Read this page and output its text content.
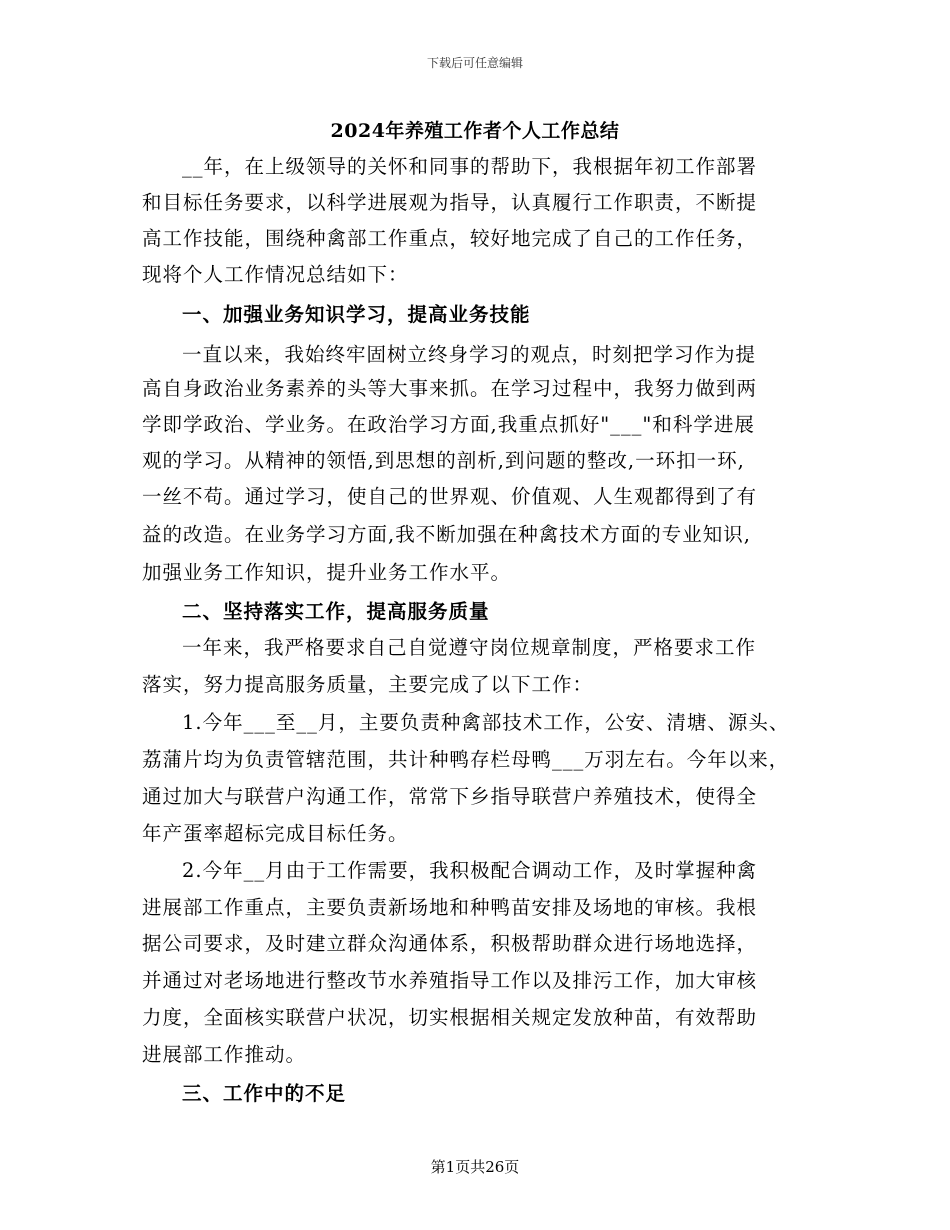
下载后可任意编辑
2024年养殖工作者个人工作总结
__年，在上级领导的关怀和同事的帮助下，我根据年初工作部署
和目标任务要求，以科学进展观为指导，认真履行工作职责，不断提
高工作技能，围绕种禽部工作重点，较好地完成了自己的工作任务，
现将个人工作情况总结如下：
一、加强业务知识学习，提高业务技能
一直以来，我始终牢固树立终身学习的观点，时刻把学习作为提
高自身政治业务素养的头等大事来抓。在学习过程中，我努力做到两
学即学政治、学业务。在政治学习方面,我重点抓好"___"和科学进展
观的学习。从精神的领悟,到思想的剖析,到问题的整改,一环扣一环,
一丝不苟。通过学习，使自己的世界观、价值观、人生观都得到了有
益的改造。在业务学习方面,我不断加强在种禽技术方面的专业知识,
加强业务工作知识，提升业务工作水平。
二、坚持落实工作，提高服务质量
一年来，我严格要求自己自觉遵守岗位规章制度，严格要求工作
落实，努力提高服务质量，主要完成了以下工作：
1.今年___至__月，主要负责种禽部技术工作，公安、清塘、源头、
荔蒲片均为负责管辖范围，共计种鸭存栏母鸭___万羽左右。今年以来，
通过加大与联营户沟通工作，常常下乡指导联营户养殖技术，使得全
年产蛋率超标完成目标任务。
2.今年__月由于工作需要，我积极配合调动工作，及时掌握种禽
进展部工作重点，主要负责新场地和种鸭苗安排及场地的审核。我根
据公司要求，及时建立群众沟通体系，积极帮助群众进行场地选择，
并通过对老场地进行整改节水养殖指导工作以及排污工作，加大审核
力度，全面核实联营户状况，切实根据相关规定发放种苗，有效帮助
进展部工作推动。
三、工作中的不足
第1页共26页
